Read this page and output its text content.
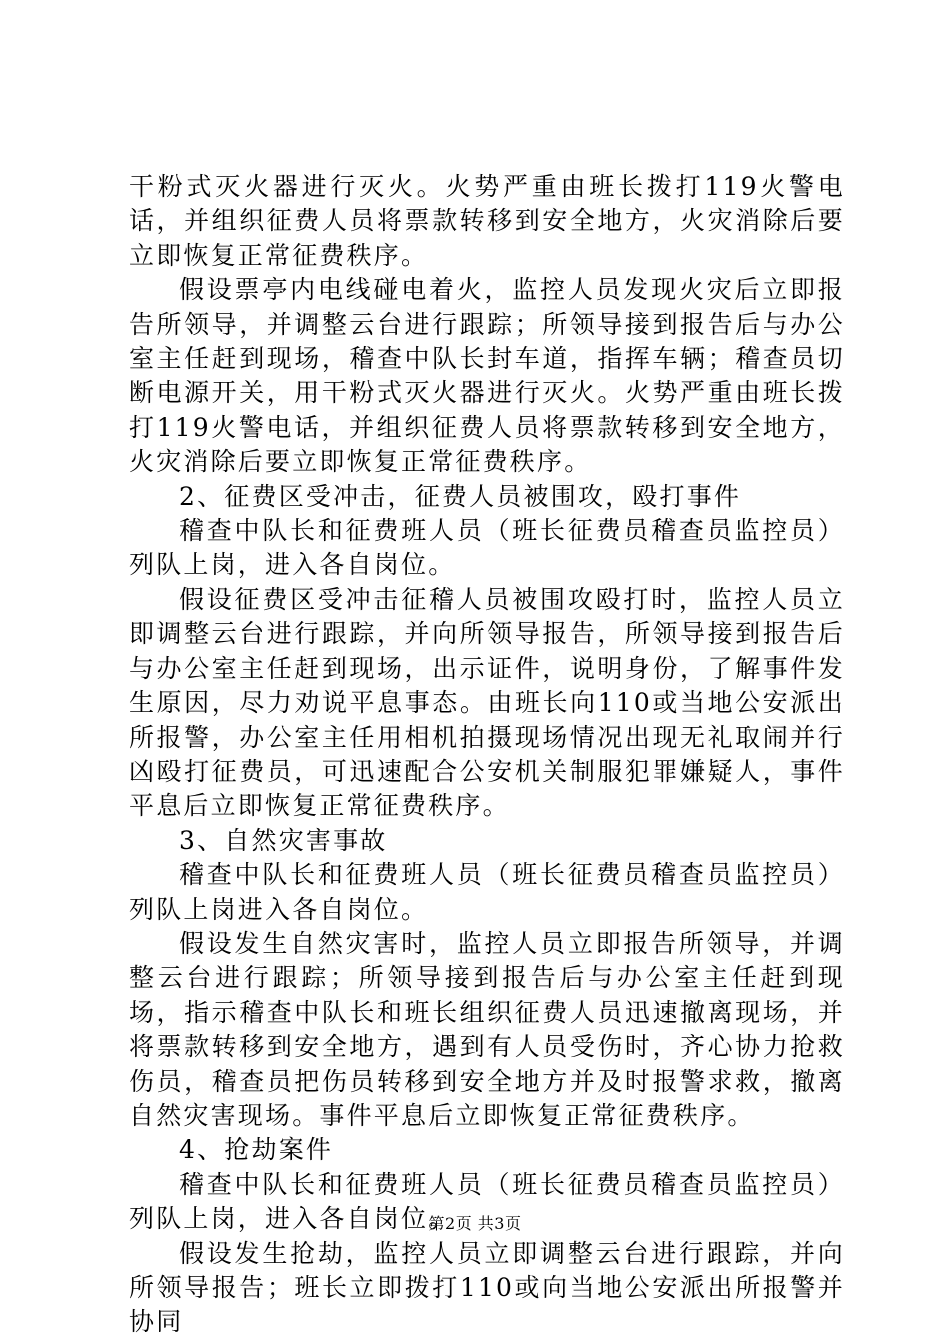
干粉式灭火器进行灭火。火势严重由班长拨打119火警电话，并组织征费人员将票款转移到安全地方，火灾消除后要立即恢复正常征费秩序。

假设票亭内电线碰电着火，监控人员发现火灾后立即报告所领导，并调整云台进行跟踪；所领导接到报告后与办公室主任赶到现场，稽查中队长封车道，指挥车辆；稽查员切断电源开关，用干粉式灭火器进行灭火。火势严重由班长拨打119火警电话，并组织征费人员将票款转移到安全地方，火灾消除后要立即恢复正常征费秩序。

2、征费区受冲击，征费人员被围攻，殴打事件

稽查中队长和征费班人员（班长征费员稽查员监控员）列队上岗，进入各自岗位。

假设征费区受冲击征稽人员被围攻殴打时，监控人员立即调整云台进行跟踪，并向所领导报告，所领导接到报告后与办公室主任赶到现场，出示证件，说明身份，了解事件发生原因，尽力劝说平息事态。由班长向110或当地公安派出所报警，办公室主任用相机拍摄现场情况出现无礼取闹并行凶殴打征费员，可迅速配合公安机关制服犯罪嫌疑人，事件平息后立即恢复正常征费秩序。

3、自然灾害事故

稽查中队长和征费班人员（班长征费员稽查员监控员）列队上岗进入各自岗位。

假设发生自然灾害时，监控人员立即报告所领导，并调整云台进行跟踪；所领导接到报告后与办公室主任赶到现场，指示稽查中队长和班长组织征费人员迅速撤离现场，并将票款转移到安全地方，遇到有人员受伤时，齐心协力抢救伤员，稽查员把伤员转移到安全地方并及时报警求救，撤离自然灾害现场。事件平息后立即恢复正常征费秩序。

4、抢劫案件

稽查中队长和征费班人员（班长征费员稽查员监控员）列队上岗，进入各自岗位。

假设发生抢劫，监控人员立即调整云台进行跟踪，并向所领导报告；班长立即拨打110或向当地公安派出所报警并协同

第2页 共3页
